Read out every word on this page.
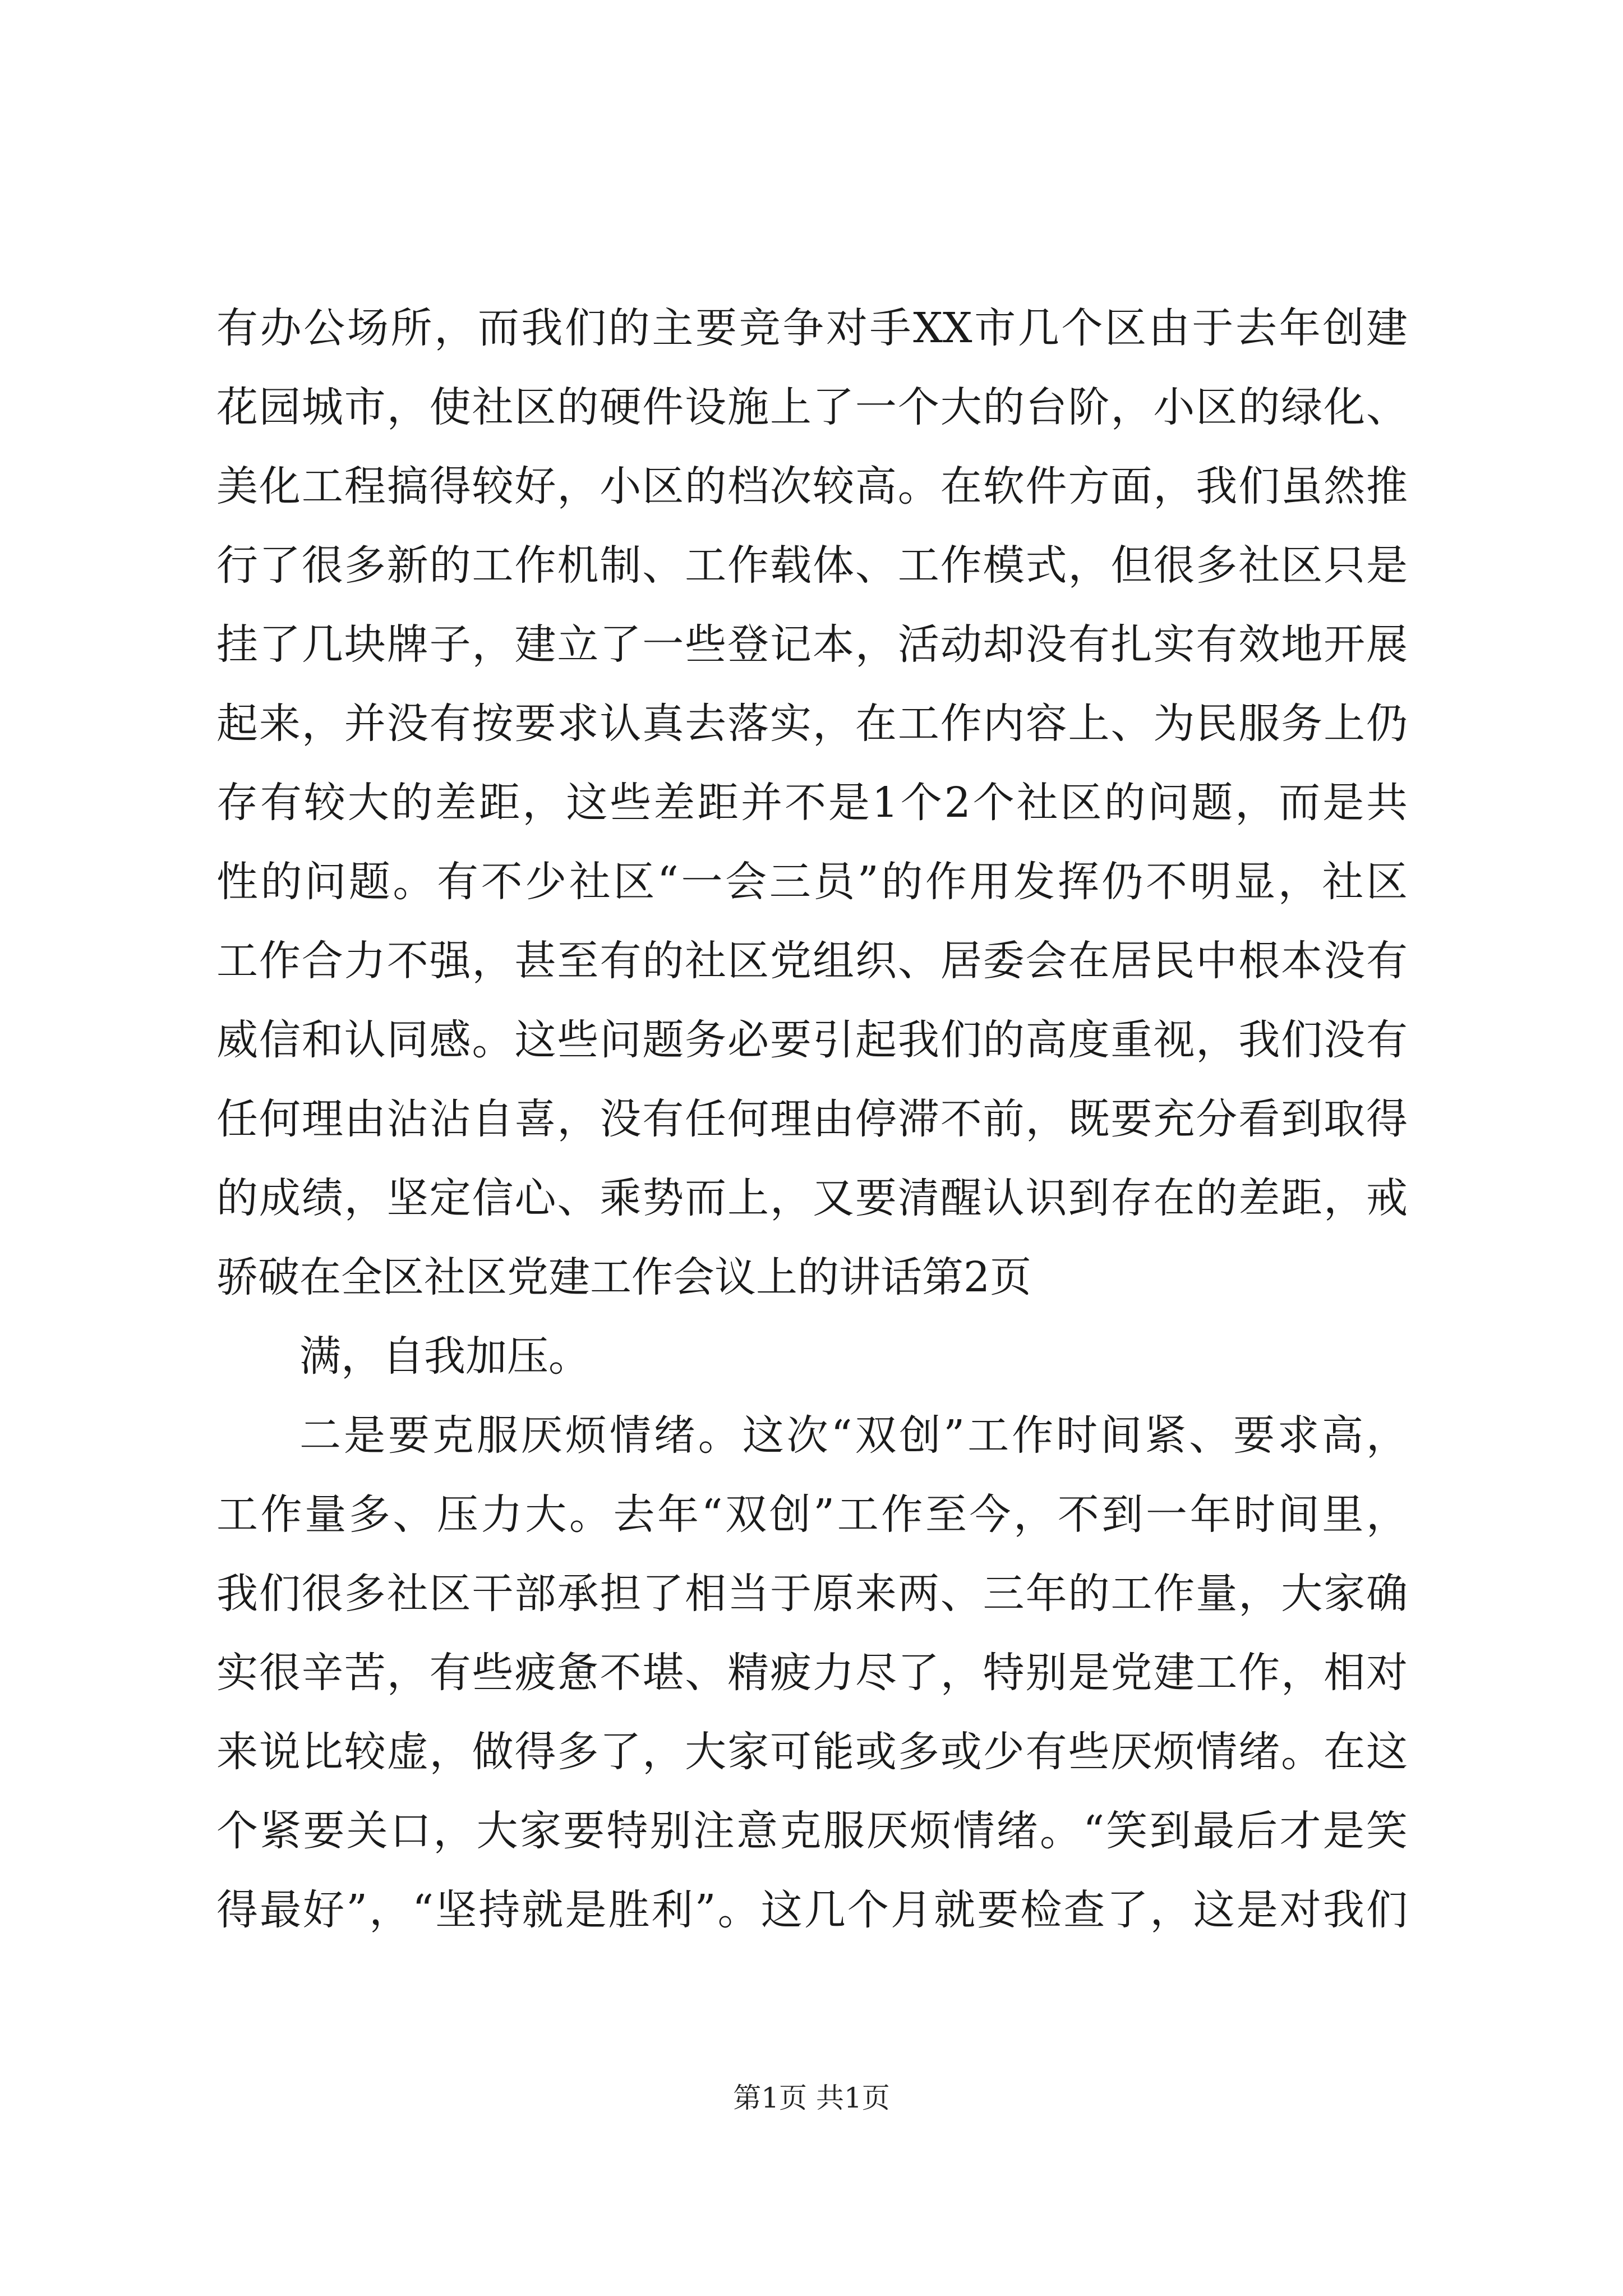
有办公场所，而我们的主要竞争对手XX市几个区由于去年创建
花园城市，使社区的硬件设施上了一个大的台阶，小区的绿化、
美化工程搞得较好，小区的档次较高。在软件方面，我们虽然推
行了很多新的工作机制、工作载体、工作模式，但很多社区只是
挂了几块牌子，建立了一些登记本，活动却没有扎实有效地开展
起来，并没有按要求认真去落实，在工作内容上、为民服务上仍
存有较大的差距，这些差距并不是1个2个社区的问题，而是共
性的问题。有不少社区“一会三员”的作用发挥仍不明显，社区
工作合力不强，甚至有的社区党组织、居委会在居民中根本没有
威信和认同感。这些问题务必要引起我们的高度重视，我们没有
任何理由沾沾自喜，没有任何理由停滞不前，既要充分看到取得
的成绩，坚定信心、乘势而上，又要清醒认识到存在的差距，戒
骄破在全区社区党建工作会议上的讲话第2页
满，自我加压。
二是要克服厌烦情绪。这次“双创”工作时间紧、要求高，
工作量多、压力大。去年“双创”工作至今，不到一年时间里，
我们很多社区干部承担了相当于原来两、三年的工作量，大家确
实很辛苦，有些疲惫不堪、精疲力尽了，特别是党建工作，相对
来说比较虚，做得多了，大家可能或多或少有些厌烦情绪。在这
个紧要关口，大家要特别注意克服厌烦情绪。“笑到最后才是笑
得最好”，“坚持就是胜利”。这几个月就要检查了，这是对我们
第1页 共1页
